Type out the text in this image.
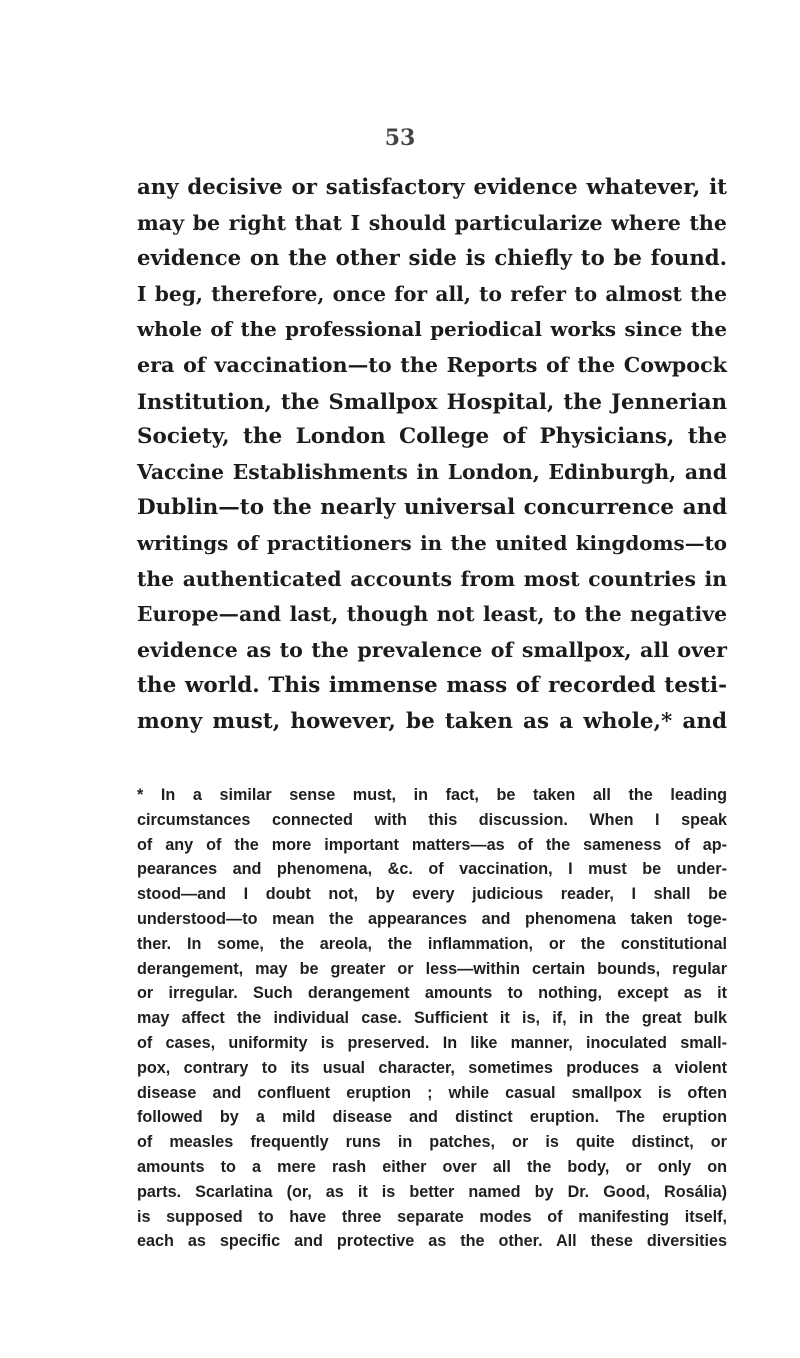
53
any decisive or satisfactory evidence whatever, it
may be right that I should particularize where the
evidence on the other side is chiefly to be found.
I beg, therefore, once for all, to refer to almost the
whole of the professional periodical works since the
era of vaccination—to the Reports of the Cowpock
Institution, the Smallpox Hospital, the Jennerian
Society, the London College of Physicians, the
Vaccine Establishments in London, Edinburgh, and
Dublin—to the nearly universal concurrence and
writings of practitioners in the united kingdoms—to
the authenticated accounts from most countries in
Europe—and last, though not least, to the negative
evidence as to the prevalence of smallpox, all over
the world. This immense mass of recorded testi-
mony must, however, be taken as a whole,* and
* In a similar sense must, in fact, be taken all the leading
circumstances connected with this discussion. When I speak
of any of the more important matters—as of the sameness of ap-
pearances and phenomena, &c. of vaccination, I must be under-
stood—and I doubt not, by every judicious reader, I shall be
understood—to mean the appearances and phenomena taken toge-
ther. In some, the areola, the inflammation, or the constitutional
derangement, may be greater or less—within certain bounds, regular
or irregular. Such derangement amounts to nothing, except as it
may affect the individual case. Sufficient it is, if, in the great bulk
of cases, uniformity is preserved. In like manner, inoculated small-
pox, contrary to its usual character, sometimes produces a violent
disease and confluent eruption ; while casual smallpox is often
followed by a mild disease and distinct eruption. The eruption
of measles frequently runs in patches, or is quite distinct, or
amounts to a mere rash either over all the body, or only on
parts. Scarlatina (or, as it is better named by Dr. Good, Rosália)
is supposed to have three separate modes of manifesting itself,
each as specific and protective as the other. All these diversities
